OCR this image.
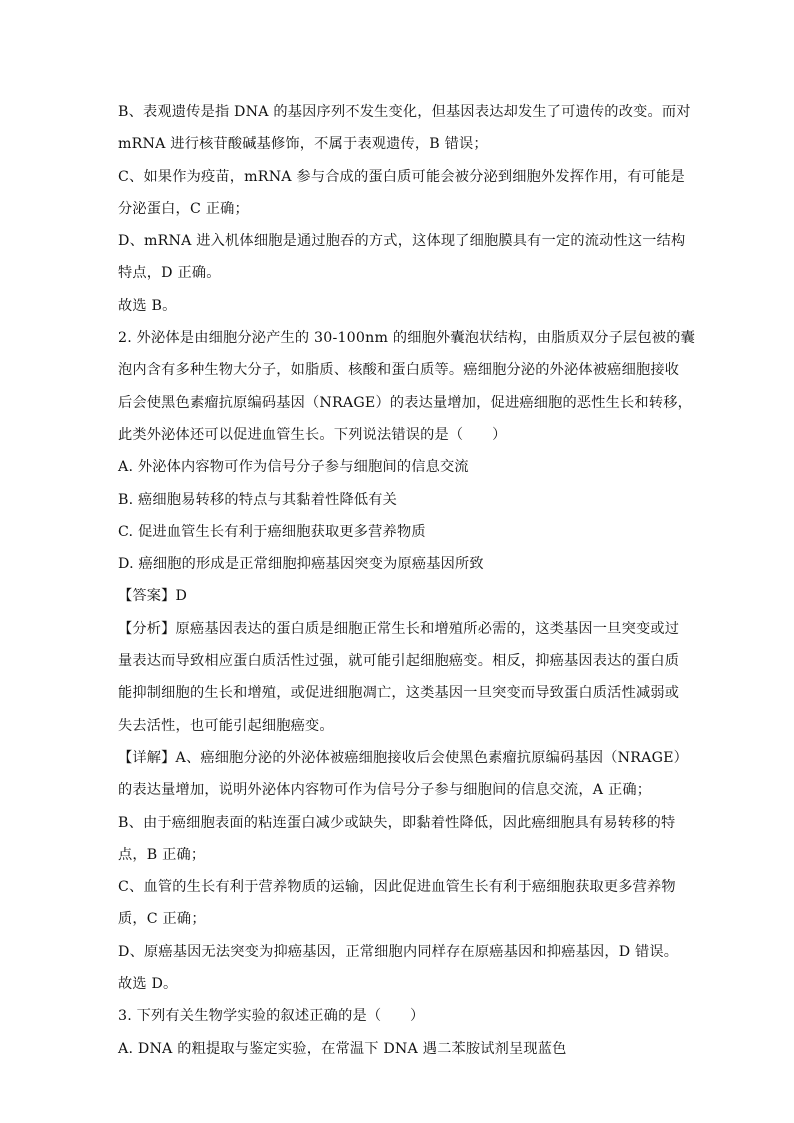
B、表观遗传是指 DNA 的基因序列不发生变化，但基因表达却发生了可遗传的改变。而对
mRNA 进行核苷酸碱基修饰，不属于表观遗传，B 错误；
C、如果作为疫苗，mRNA 参与合成的蛋白质可能会被分泌到细胞外发挥作用，有可能是
分泌蛋白，C 正确；
D、mRNA 进入机体细胞是通过胞吞的方式，这体现了细胞膜具有一定的流动性这一结构
特点，D 正确。
故选 B。
2. 外泌体是由细胞分泌产生的 30-100nm 的细胞外囊泡状结构，由脂质双分子层包被的囊
泡内含有多种生物大分子，如脂质、核酸和蛋白质等。癌细胞分泌的外泌体被癌细胞接收
后会使黑色素瘤抗原编码基因（NRAGE）的表达量增加，促进癌细胞的恶性生长和转移，
此类外泌体还可以促进血管生长。下列说法错误的是（　　）
A. 外泌体内容物可作为信号分子参与细胞间的信息交流
B. 癌细胞易转移的特点与其黏着性降低有关
C. 促进血管生长有利于癌细胞获取更多营养物质
D. 癌细胞的形成是正常细胞抑癌基因突变为原癌基因所致
【答案】D
【分析】原癌基因表达的蛋白质是细胞正常生长和增殖所必需的，这类基因一旦突变或过
量表达而导致相应蛋白质活性过强，就可能引起细胞癌变。相反，抑癌基因表达的蛋白质
能抑制细胞的生长和增殖，或促进细胞凋亡，这类基因一旦突变而导致蛋白质活性减弱或
失去活性，也可能引起细胞癌变。
【详解】A、癌细胞分泌的外泌体被癌细胞接收后会使黑色素瘤抗原编码基因（NRAGE）
的表达量增加，说明外泌体内容物可作为信号分子参与细胞间的信息交流，A 正确；
B、由于癌细胞表面的粘连蛋白减少或缺失，即黏着性降低，因此癌细胞具有易转移的特
点，B 正确；
C、血管的生长有利于营养物质的运输，因此促进血管生长有利于癌细胞获取更多营养物
质，C 正确；
D、原癌基因无法突变为抑癌基因，正常细胞内同样存在原癌基因和抑癌基因，D 错误。
故选 D。
3. 下列有关生物学实验的叙述正确的是（　　）
A. DNA 的粗提取与鉴定实验，在常温下 DNA 遇二苯胺试剂呈现蓝色
